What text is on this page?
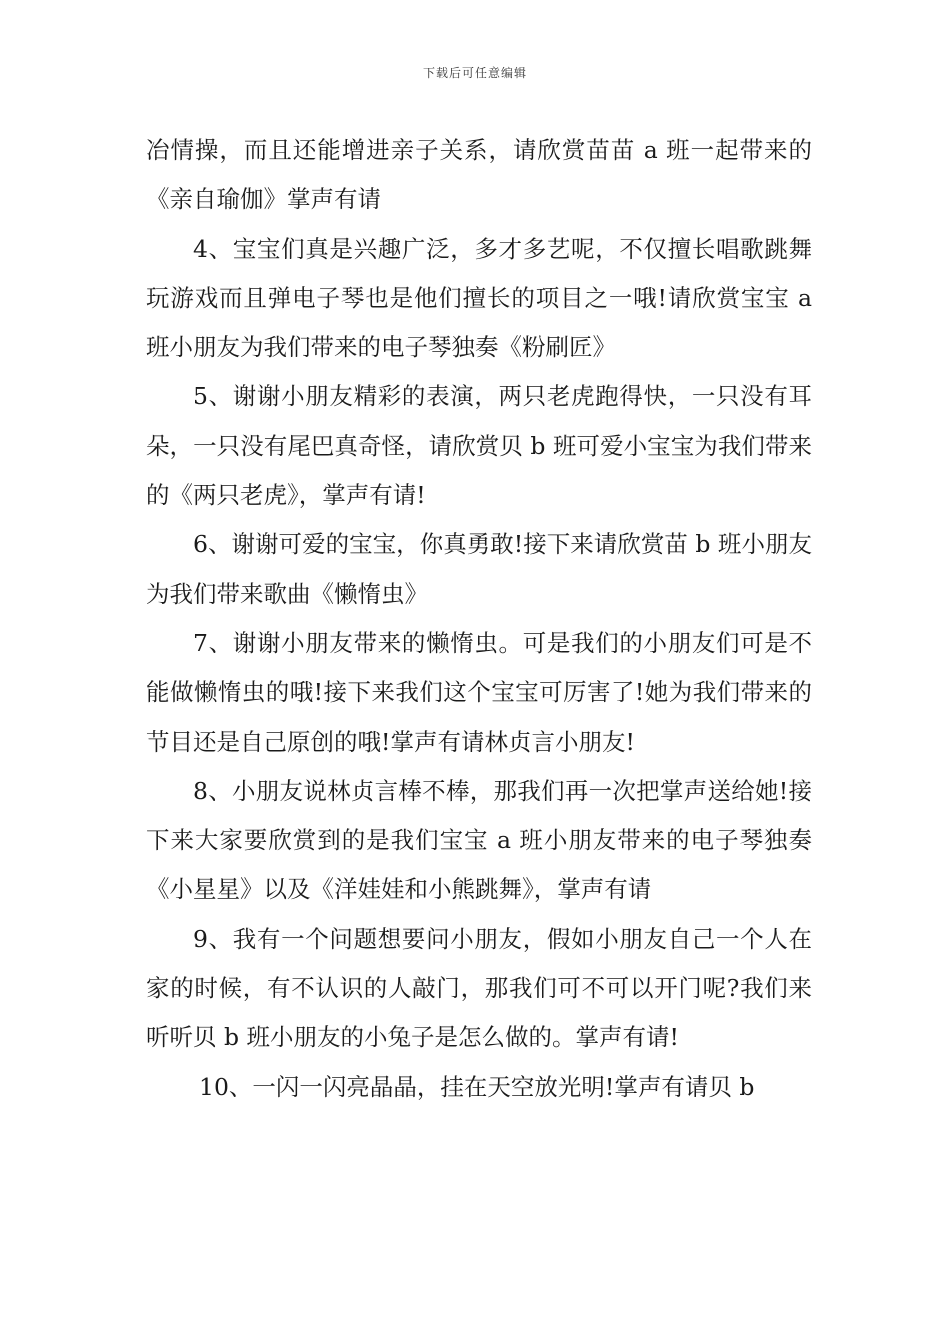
下载后可任意编辑

冶情操，而且还能增进亲子关系，请欣赏苗苗 a 班一起带来的《亲自瑜伽》掌声有请

4、宝宝们真是兴趣广泛，多才多艺呢，不仅擅长唱歌跳舞玩游戏而且弹电子琴也是他们擅长的项目之一哦!请欣赏宝宝 a 班小朋友为我们带来的电子琴独奏《粉刷匠》

5、谢谢小朋友精彩的表演，两只老虎跑得快，一只没有耳朵，一只没有尾巴真奇怪，请欣赏贝 b 班可爱小宝宝为我们带来的《两只老虎》，掌声有请!

6、谢谢可爱的宝宝，你真勇敢!接下来请欣赏苗 b 班小朋友为我们带来歌曲《懒惰虫》

7、谢谢小朋友带来的懒惰虫。可是我们的小朋友们可是不能做懒惰虫的哦!接下来我们这个宝宝可厉害了!她为我们带来的节目还是自己原创的哦!掌声有请林贞言小朋友!

8、小朋友说林贞言棒不棒，那我们再一次把掌声送给她!接下来大家要欣赏到的是我们宝宝 a 班小朋友带来的电子琴独奏《小星星》以及《洋娃娃和小熊跳舞》，掌声有请

9、我有一个问题想要问小朋友，假如小朋友自己一个人在家的时候，有不认识的人敲门，那我们可不可以开门呢?我们来听听贝 b 班小朋友的小兔子是怎么做的。掌声有请!

10、一闪一闪亮晶晶，挂在天空放光明!掌声有请贝 b
